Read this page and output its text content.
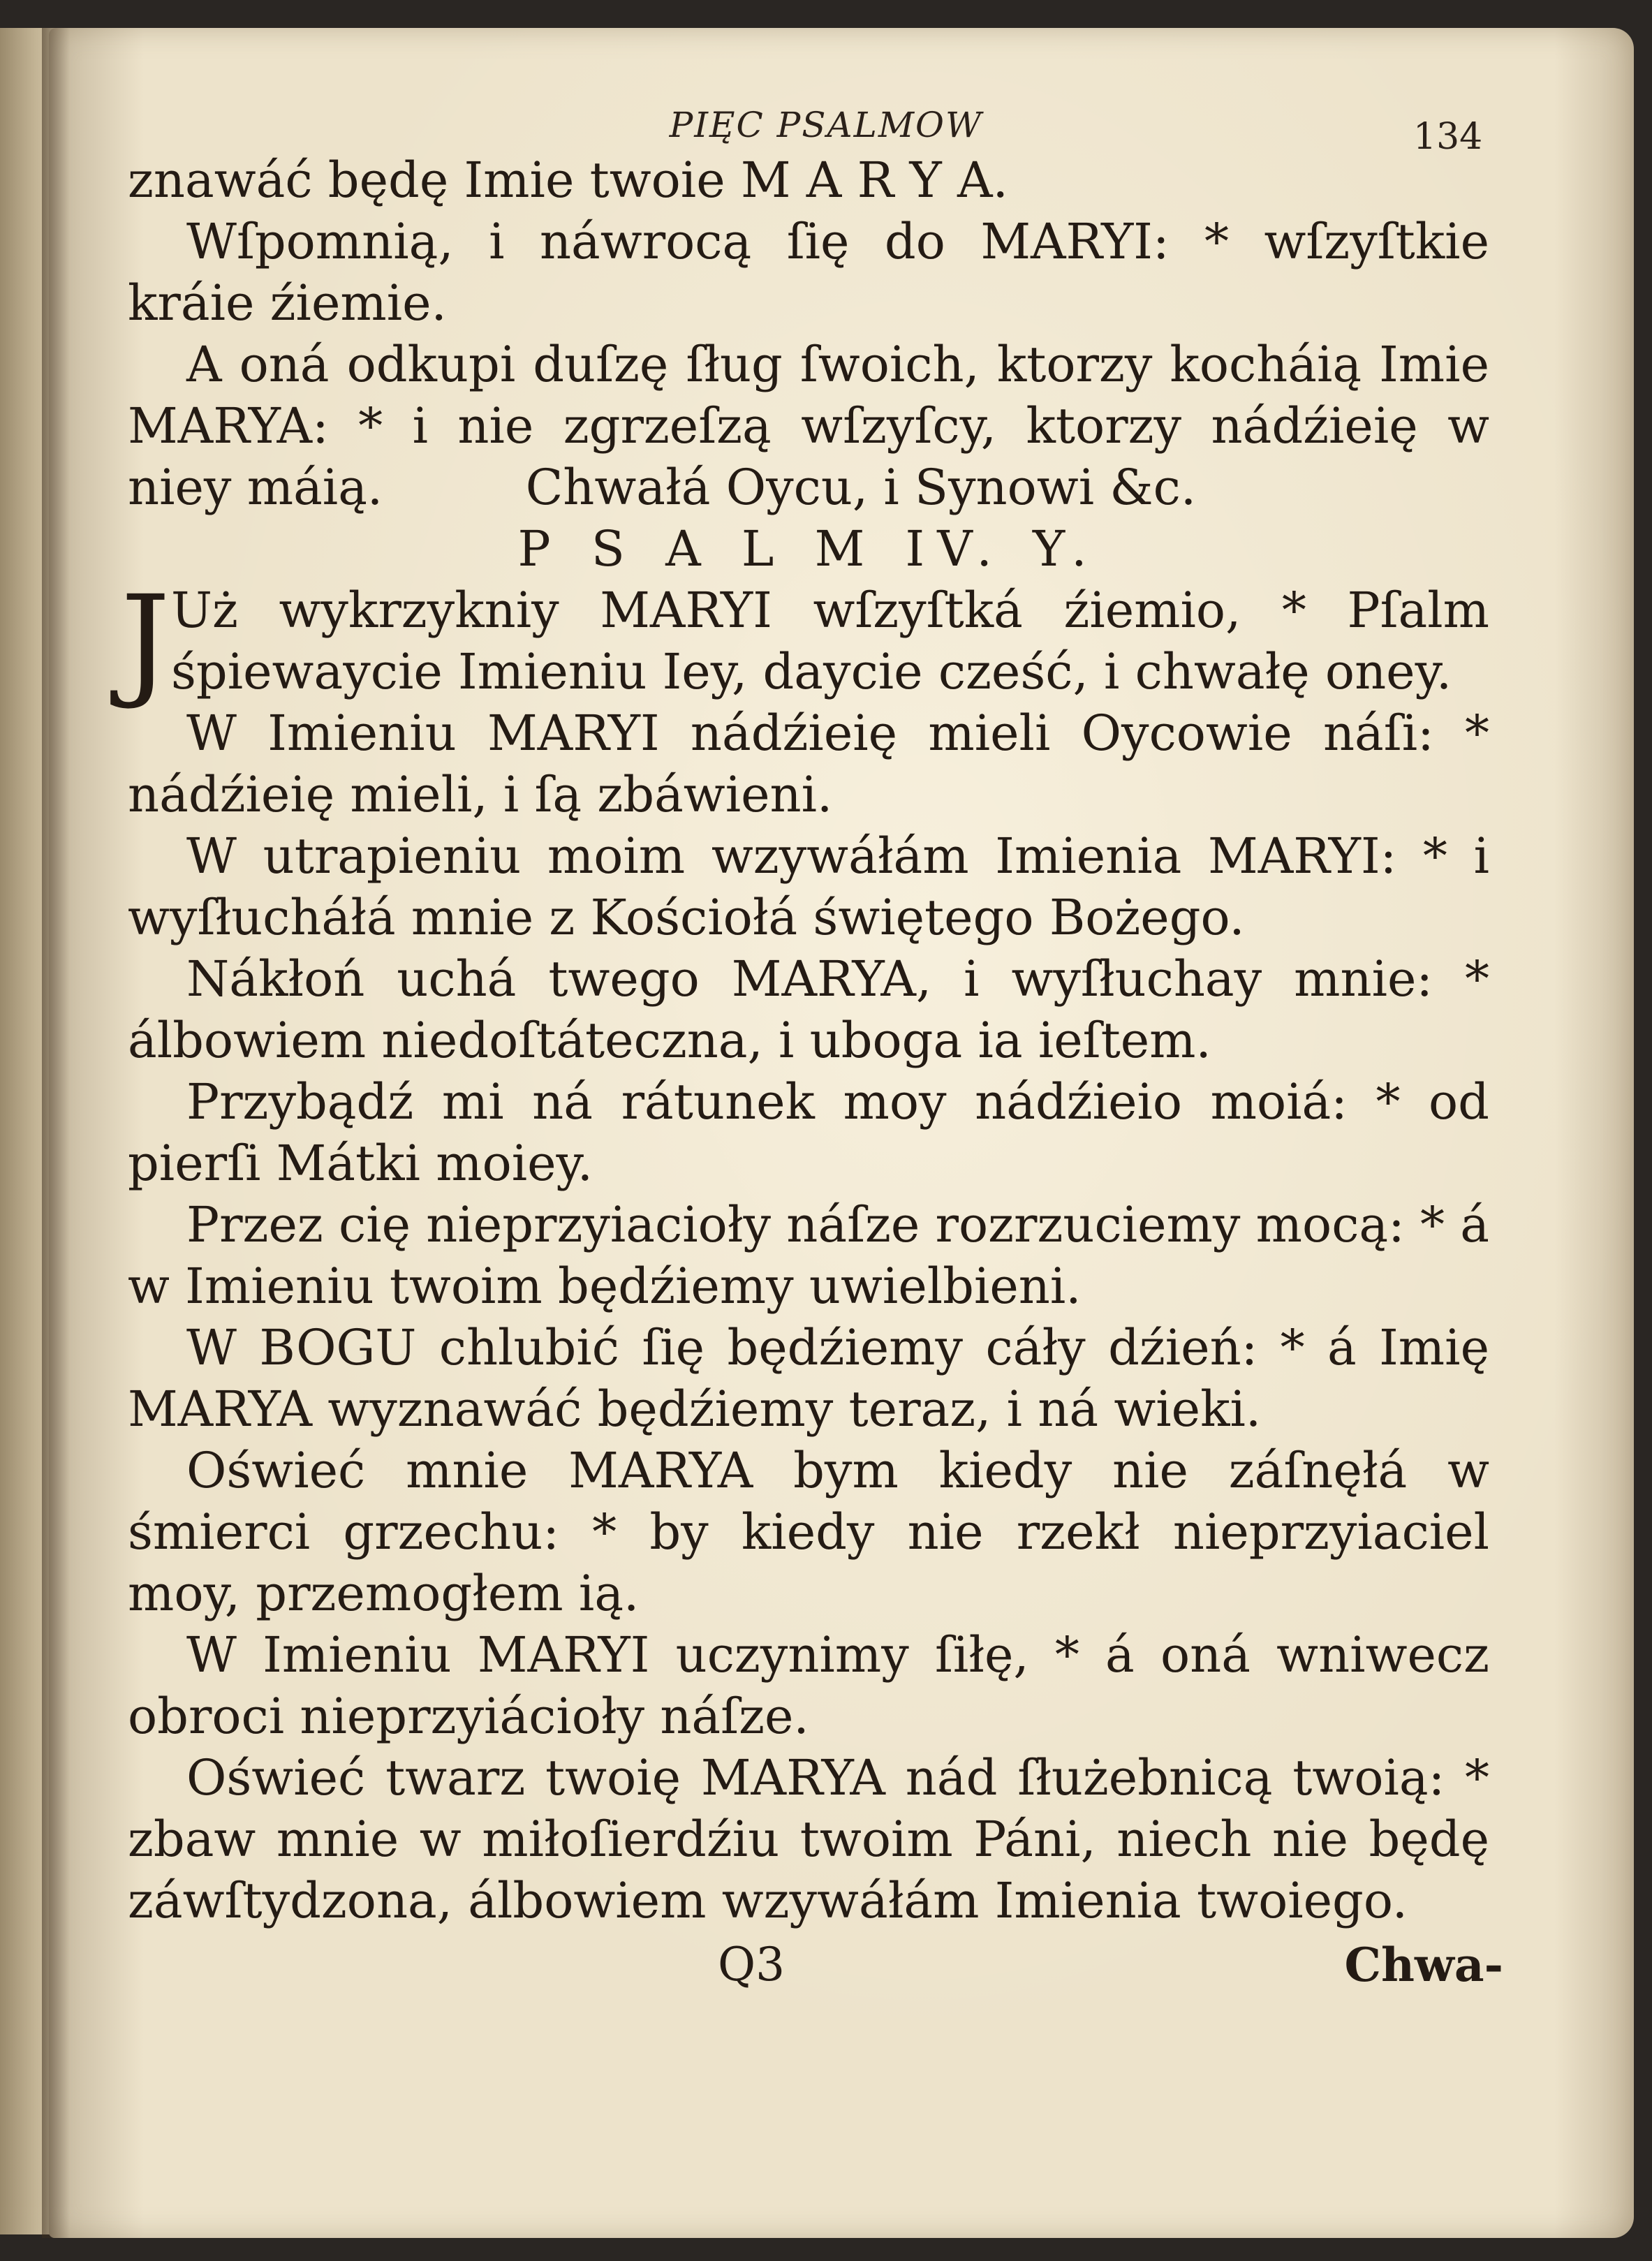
PIĘC PSALMOW	134

znawáć będę Imie twoie M A R Y A.

Wſpomnią, i náwrocą ſię do MARYI: * wſzyſtkie kráie źiemie.

A oná odkupi duſzę ſług ſwoich, ktorzy kocháią Imie MARYA: * i nie zgrzeſzą wſzyſcy, ktorzy nádźieię w niey máią.	Chwałá Oycu, i Synowi &c.

P S A L M IV. Y.

J Uż wykrzykniy MARYI wſzyſtká źiemio, * Pſalm śpiewaycie Imieniu Iey, daycie cześć, i chwałę oney.

W Imieniu MARYI nádźieię mieli Oycowie náſi: * nádźieię mieli, i ſą zbáwieni.

W utrapieniu moim wzywáłám Imienia MARYI: * i wyſłucháłá mnie z Kościołá świętego Bożego.

Nákłoń uchá twego MARYA, i wyſłuchay mnie: * álbowiem niedoſtáteczna, i uboga ia ieſtem.

Przybądź mi ná rátunek moy nádźieio moiá: * od pierſi Mátki moiey.

Przez cię nieprzyiacioły náſze rozrzuciemy mocą: * á w Imieniu twoim będźiemy uwielbieni.

W BOGU chlubić ſię będźiemy cáły dźień: * á Imię MARYA wyznawáć będźiemy teraz, i ná wieki.

Oświeć mnie MARYA bym kiedy nie záſnęłá w śmierci grzechu: * by kiedy nie rzekł nieprzyiaciel moy, przemogłem ią.

W Imieniu MARYI uczynimy ſiłę, * á oná wniwecz obroci nieprzyiácioły náſze.

Oświeć twarz twoię MARYA nád ſłużebnicą twoią: * zbaw mnie w miłoſierdźiu twoim Páni, niech nie będę záwſtydzona, álbowiem wzywáłám Imienia twoiego.

Q3	Chwa-
